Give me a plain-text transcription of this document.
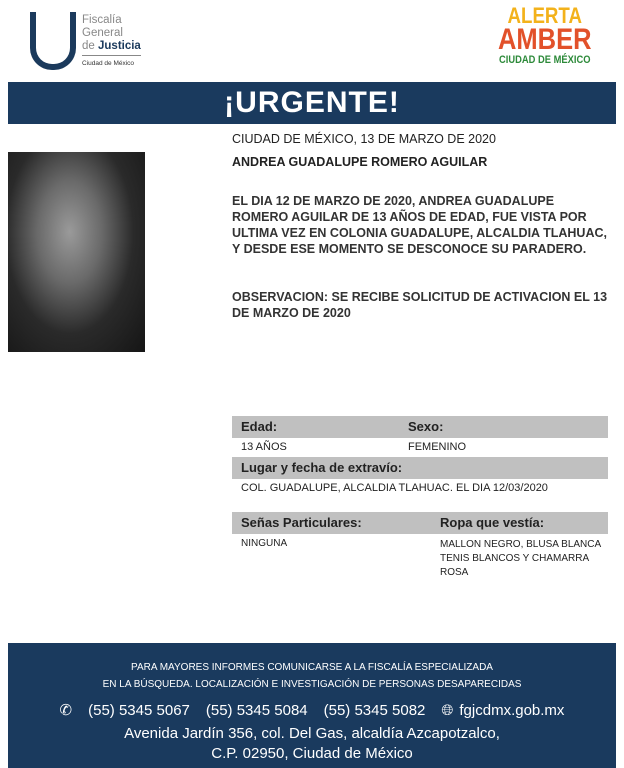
Fiscalía
General
de Justicia
Ciudad de México
ALERTA
AMBER
CIUDAD DE MÉXICO
¡URGENTE!
CIUDAD DE MÉXICO, 13 DE MARZO DE 2020
ANDREA GUADALUPE ROMERO AGUILAR
EL DIA 12 DE MARZO DE 2020, ANDREA GUADALUPE ROMERO AGUILAR DE 13 AÑOS DE EDAD, FUE VISTA POR ULTIMA VEZ EN COLONIA GUADALUPE, ALCALDIA TLAHUAC, Y DESDE ESE MOMENTO SE DESCONOCE SU PARADERO.
OBSERVACION: SE RECIBE SOLICITUD DE ACTIVACION EL 13 DE MARZO DE 2020
Edad:	Sexo:
13 AÑOS	FEMENINO
Lugar y fecha de extravío:
COL. GUADALUPE, ALCALDIA TLAHUAC. EL DIA 12/03/2020
Señas Particulares:	Ropa que vestía:
NINGUNA	MALLON NEGRO, BLUSA BLANCA
TENIS BLANCOS Y CHAMARRA
ROSA
PARA MAYORES INFORMES COMUNICARSE A LA FISCALÍA ESPECIALIZADA
EN LA BÚSQUEDA. LOCALIZACIÓN E INVESTIGACIÓN DE PERSONAS DESAPARECIDAS
✆ (55) 5345 5067 (55) 5345 5084 (55) 5345 5082 🌐︎ fgjcdmx.gob.mx
Avenida Jardín 356, col. Del Gas, alcaldía Azcapotzalco,
C.P. 02950, Ciudad de México
